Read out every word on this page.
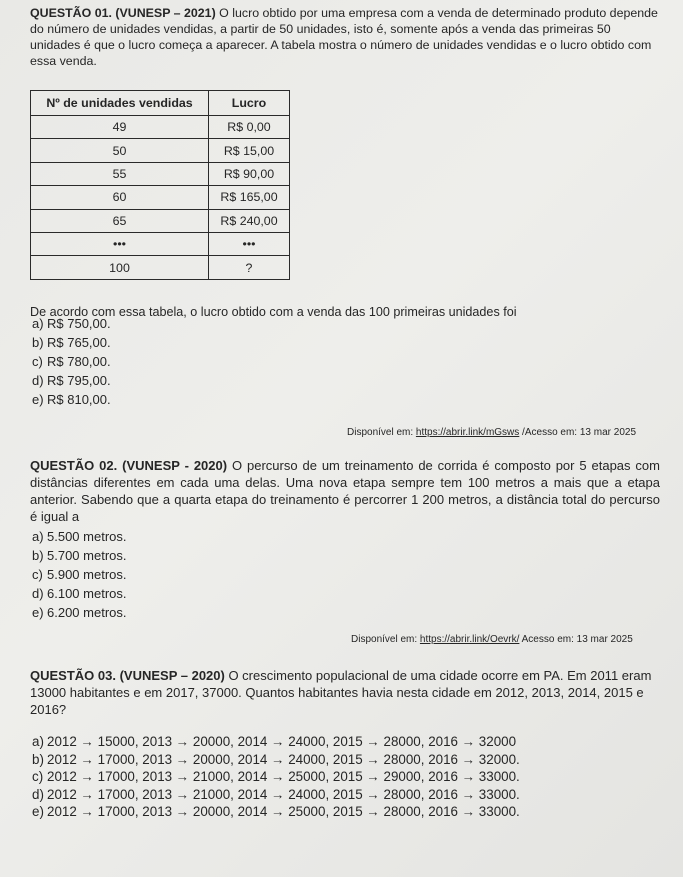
QUESTÃO 01. (VUNESP – 2021) O lucro obtido por uma empresa com a venda de determinado produto depende do número de unidades vendidas, a partir de 50 unidades, isto é, somente após a venda das primeiras 50 unidades é que o lucro começa a aparecer. A tabela mostra o número de unidades vendidas e o lucro obtido com essa venda.
Nº de unidades vendidas	Lucro
49	R$ 0,00
50	R$ 15,00
55	R$ 90,00
60	R$ 165,00
65	R$ 240,00
•••	•••
100	?
De acordo com essa tabela, o lucro obtido com a venda das 100 primeiras unidades foi
a) R$ 750,00.
b) R$ 765,00.
c) R$ 780,00.
d) R$ 795,00.
e) R$ 810,00.
Disponível em: https://abrir.link/mGsws /Acesso em: 13 mar 2025
QUESTÃO 02. (VUNESP - 2020) O percurso de um treinamento de corrida é composto por 5 etapas com distâncias diferentes em cada uma delas. Uma nova etapa sempre tem 100 metros a mais que a etapa anterior. Sabendo que a quarta etapa do treinamento é percorrer 1 200 metros, a distância total do percurso é igual a
a) 5.500 metros.
b) 5.700 metros.
c) 5.900 metros.
d) 6.100 metros.
e) 6.200 metros.
Disponível em: https://abrir.link/Oevrk/ Acesso em: 13 mar 2025
QUESTÃO 03. (VUNESP – 2020) O crescimento populacional de uma cidade ocorre em PA. Em 2011 eram 13000 habitantes e em 2017, 37000. Quantos habitantes havia nesta cidade em 2012, 2013, 2014, 2015 e 2016?
a) 2012 → 15000, 2013 → 20000, 2014 → 24000, 2015 → 28000, 2016 → 32000
b) 2012 → 17000, 2013 → 20000, 2014 → 24000, 2015 → 28000, 2016 → 32000.
c) 2012 → 17000, 2013 → 21000, 2014 → 25000, 2015 → 29000, 2016 → 33000.
d) 2012 → 17000, 2013 → 21000, 2014 → 24000, 2015 → 28000, 2016 → 33000.
e) 2012 → 17000, 2013 → 20000, 2014 → 25000, 2015 → 28000, 2016 → 33000.
